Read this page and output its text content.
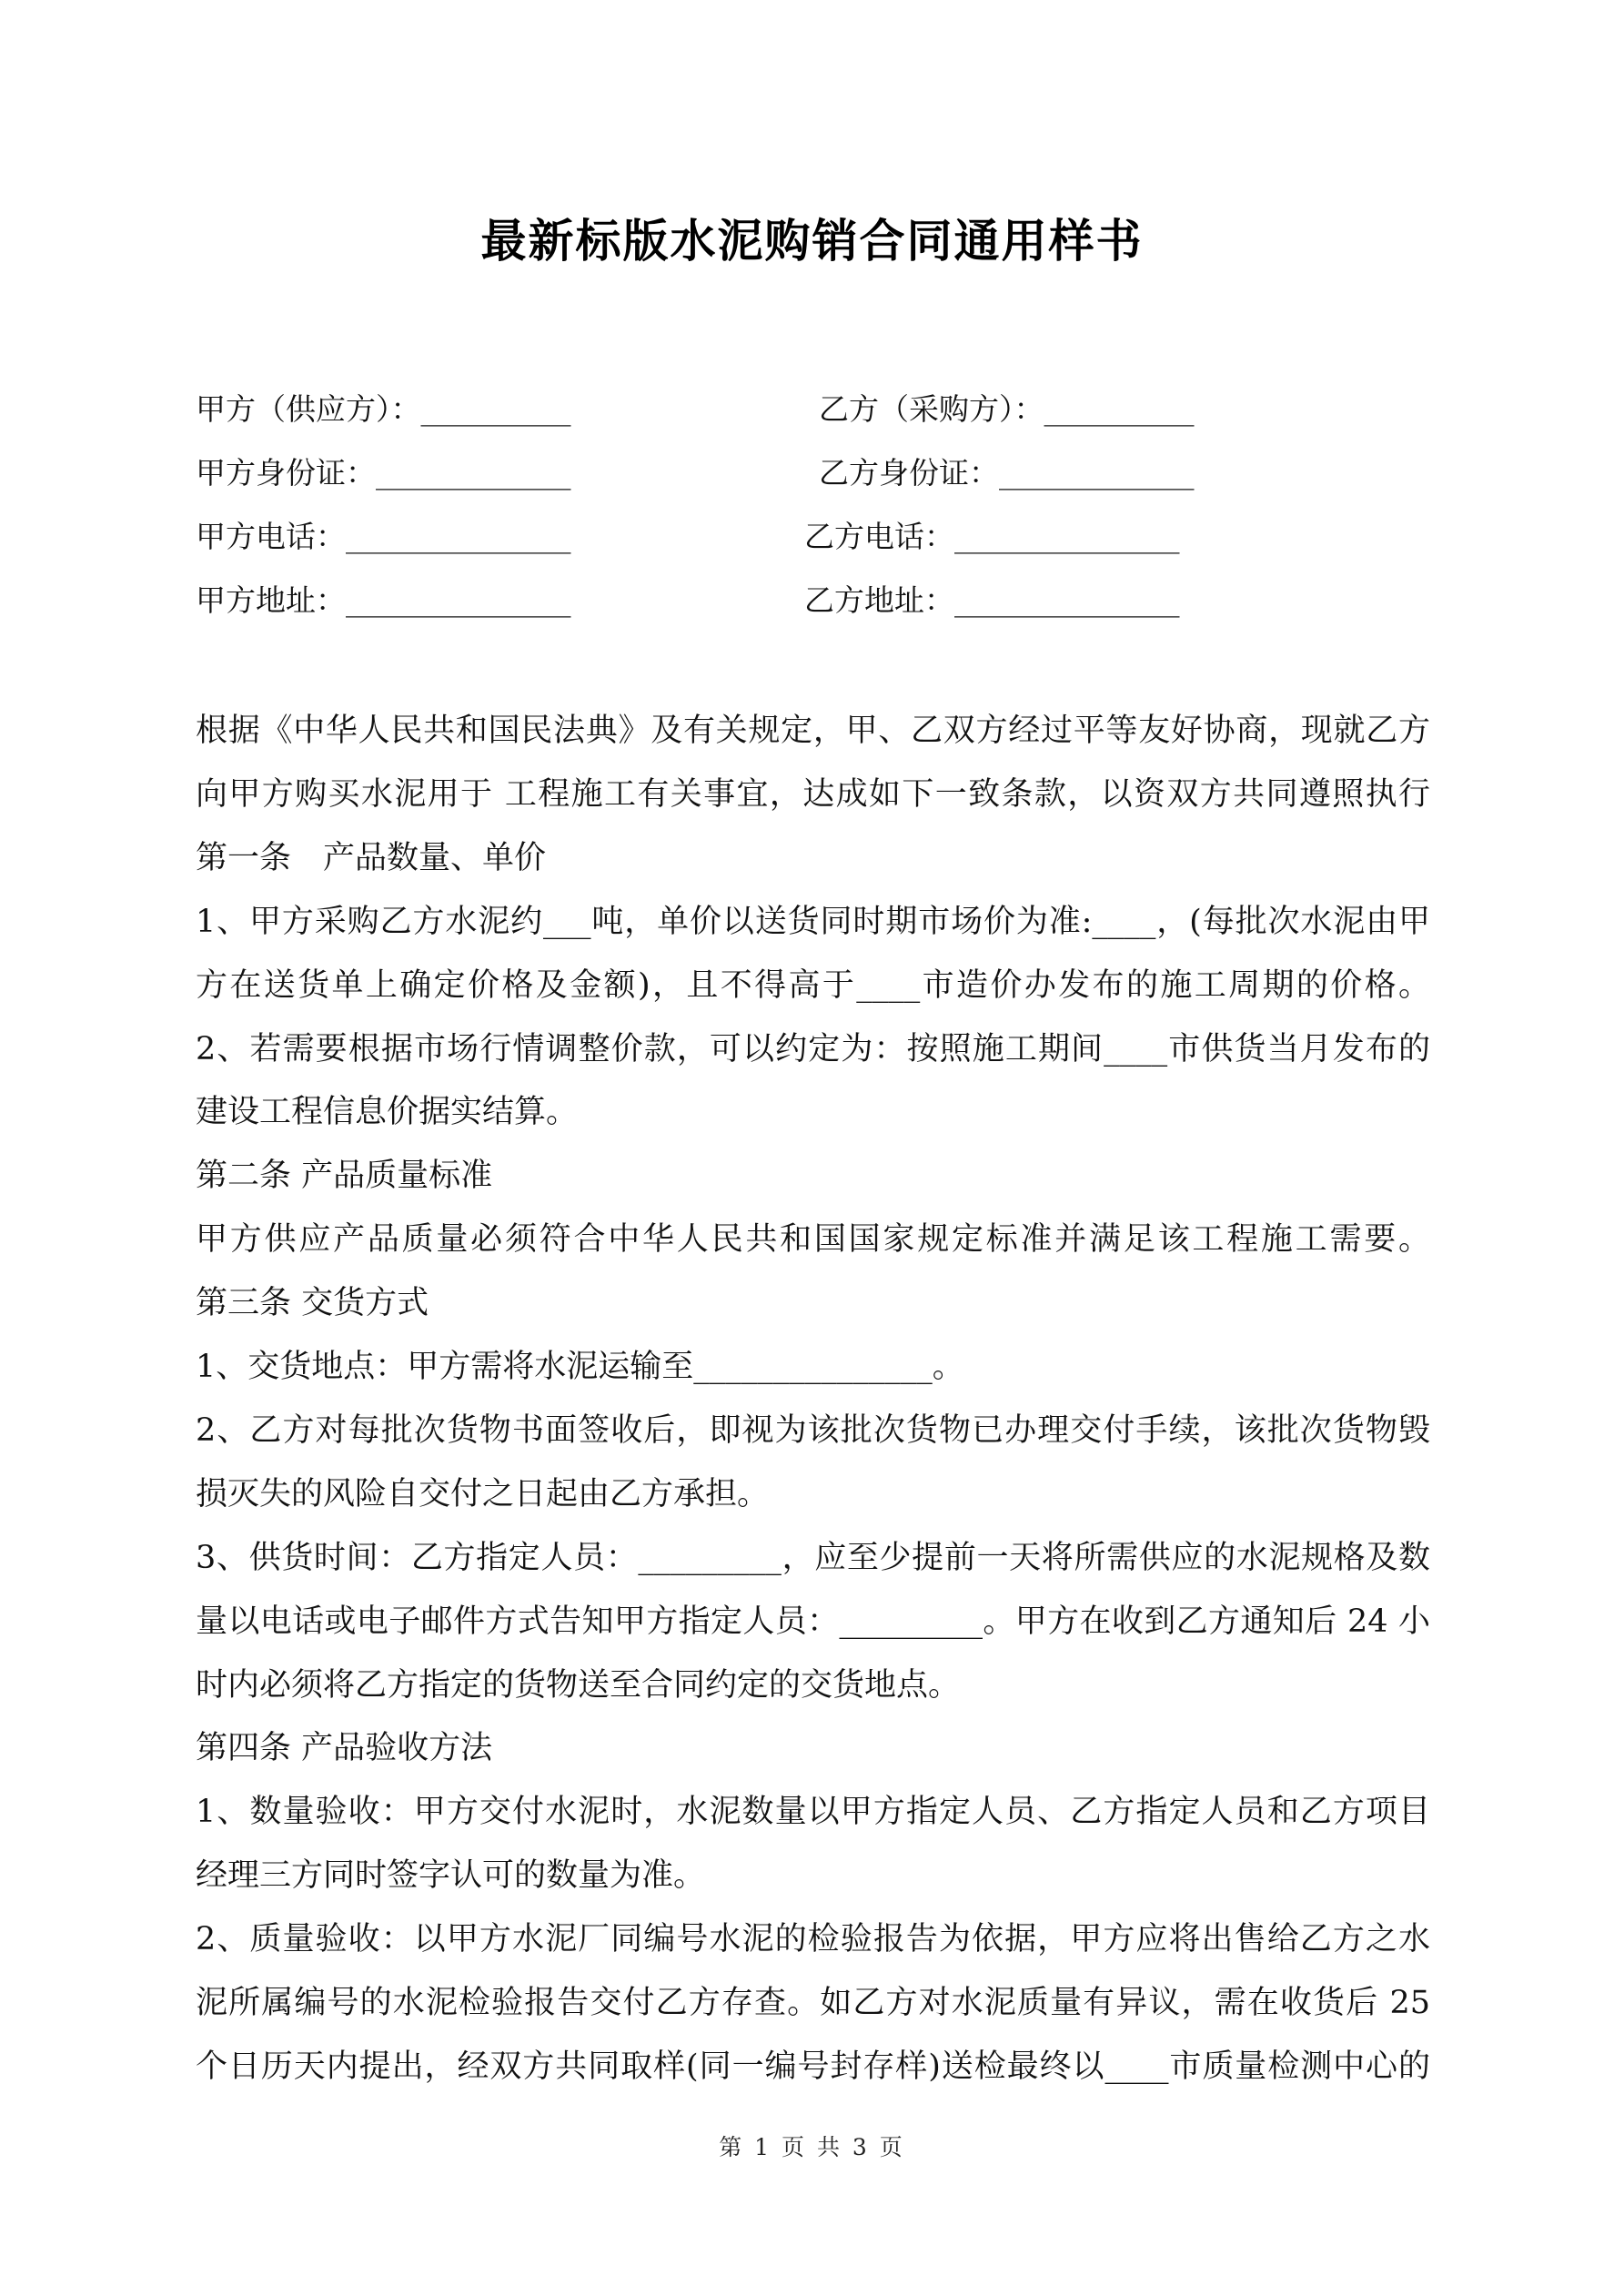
最新标版水泥购销合同通用样书
甲方（供应方）：__________
甲方身份证：_____________
甲方电话：_______________
甲方地址：_______________
乙方（采购方）：__________
乙方身份证：_____________
乙方电话：_______________
乙方地址：_______________
根据《中华人民共和国民法典》及有关规定，甲、乙双方经过平等友好协商，现就乙方
向甲方购买水泥用于 工程施工有关事宜，达成如下一致条款，以资双方共同遵照执行
第一条　产品数量、单价
1、甲方采购乙方水泥约___吨，单价以送货同时期市场价为准:____，(每批次水泥由甲
方在送货单上确定价格及金额)，且不得高于____市造价办发布的施工周期的价格。
2、若需要根据市场行情调整价款，可以约定为：按照施工期间____市供货当月发布的
建设工程信息价据实结算。
第二条 产品质量标准
甲方供应产品质量必须符合中华人民共和国国家规定标准并满足该工程施工需要。
第三条 交货方式
1、交货地点：甲方需将水泥运输至_______________。
2、乙方对每批次货物书面签收后，即视为该批次货物已办理交付手续，该批次货物毁
损灭失的风险自交付之日起由乙方承担。
3、供货时间：乙方指定人员：_________，应至少提前一天将所需供应的水泥规格及数
量以电话或电子邮件方式告知甲方指定人员：_________。甲方在收到乙方通知后 24 小
时内必须将乙方指定的货物送至合同约定的交货地点。
第四条 产品验收方法
1、数量验收：甲方交付水泥时，水泥数量以甲方指定人员、乙方指定人员和乙方项目
经理三方同时签字认可的数量为准。
2、质量验收：以甲方水泥厂同编号水泥的检验报告为依据，甲方应将出售给乙方之水
泥所属编号的水泥检验报告交付乙方存查。如乙方对水泥质量有异议，需在收货后 25
个日历天内提出，经双方共同取样(同一编号封存样)送检最终以____市质量检测中心的
第 1 页 共 3 页
